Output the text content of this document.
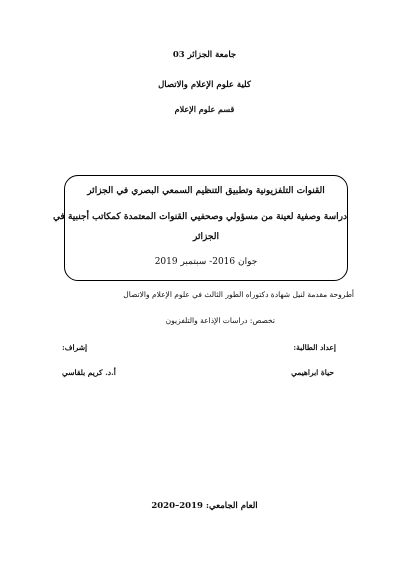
جامعة الجزائر 03
كلية علوم الإعلام والاتصال
قسم علوم الإعلام
القنوات التلفزيونية وتطبيق التنظيم السمعي البصري في الجزائر
دراسة وصفية لعينة من مسؤولي وصحفيي القنوات المعتمدة كمكاتب أجنبية في
الجزائر
جوان 2016- سبتمبر 2019
أطروحة مقدمة لنيل شهادة دكتوراه الطور الثالث في علوم الإعلام والاتصال
تخصص: دراسات الإذاعة والتلفزيون
إعداد الطالبة:
إشراف:
حياة ابراهيمي
أ.د. كريم بلقاسي
العام الجامعي: 2019–2020
